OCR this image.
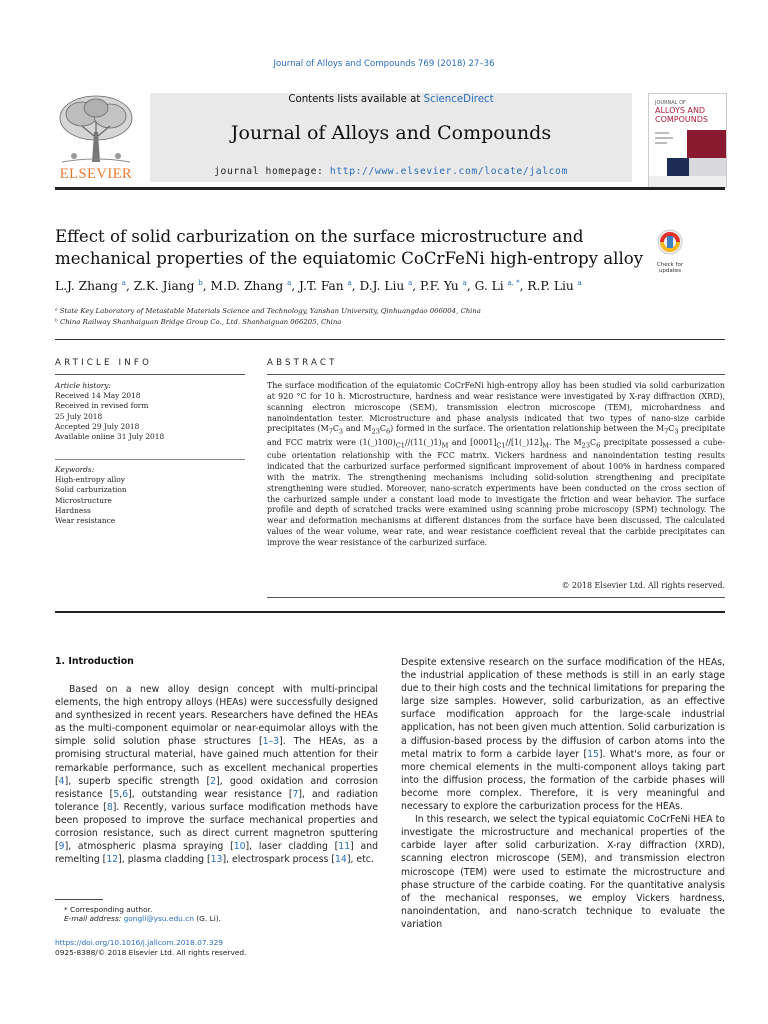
Journal of Alloys and Compounds 769 (2018) 27–36
ELSEVIER
Contents lists available at ScienceDirect
Journal of Alloys and Compounds
journal homepage: http://www.elsevier.com/locate/jalcom
JOURNAL OF
ALLOYS AND
COMPOUNDS
Effect of solid carburization on the surface microstructure and mechanical properties of the equiatomic CoCrFeNi high-entropy alloy	Check for
updates
L.J. Zhang $^a$, Z.K. Jiang $^b$, M.D. Zhang $^a$, J.T. Fan $^a$, D.J. Liu $^a$, P.F. Yu $^a$, G. Li $^{a, *}$, R.P. Liu $^a$
ᵃ State Key Laboratory of Metastable Materials Science and Technology, Yanshan University, Qinhuangdao 066004, China
ᵇ China Railway Shanhaiguan Bridge Group Co., Ltd. Shanhaiguan 066205, China
ARTICLE INFO
Article history:
Received 14 May 2018
Received in revised form
25 July 2018
Accepted 29 July 2018
Available online 31 July 2018
Keywords:
High-entropy alloy
Solid carburization
Microstructure
Hardness
Wear resistance
ABSTRACT
The surface modification of the equiatomic CoCrFeNi high-entropy alloy has been studied via solid carburization at 920 °C for 10 h. Microstructure, hardness and wear resistance were investigated by X-ray diffraction (XRD), scanning electron microscope (SEM), transmission electron microscope (TEM), microhardness and nanoindentation tester. Microstructure and phase analysis indicated that two types of nano-size carbide precipitates ($M_7C_3$ and $M_{23}C_6$) formed in the surface. The orientation relationship between the $M_7C_3$ precipitate and FCC matrix were $(1(\_)100)_{C1}//(11(\_)1)_M$ and $[0001]_{C1}//[1(\_)12]_M$. The $M_{23}C_6$ precipitate possessed a cube-cube orientation relationship with the FCC matrix. Vickers hardness and nanoindentation testing results indicated that the carburized surface performed significant improvement of about 100% in hardness compared with the matrix. The strengthening mechanisms including solid-solution strengthening and precipitate strengthening were studied. Moreover, nano-scratch experiments have been conducted on the cross section of the carburized sample under a constant load mode to investigate the friction and wear behavior. The surface profile and depth of scratched tracks were examined using scanning probe microscopy (SPM) technology. The wear and deformation mechanisms at different distances from the surface have been discussed. The calculated values of the wear volume, wear rate, and wear resistance coefficient reveal that the carbide precipitates can improve the wear resistance of the carburized surface.
© 2018 Elsevier Ltd. All rights reserved.
1. Introduction
Based on a new alloy design concept with multi-principal elements, the high entropy alloys (HEAs) were successfully designed and synthesized in recent years. Researchers have defined the HEAs as the multi-component equimolar or near-equimolar alloys with the simple solid solution phase structures [1–3]. The HEAs, as a promising structural material, have gained much attention for their remarkable performance, such as excellent mechanical properties [4], superb specific strength [2], good oxidation and corrosion resistance [5,6], outstanding wear resistance [7], and radiation tolerance [8]. Recently, various surface modification methods have been proposed to improve the surface mechanical properties and corrosion resistance, such as direct current magnetron sputtering [9], atmospheric plasma spraying [10], laser cladding [11] and remelting [12], plasma cladding [13], electrospark process [14], etc.

Despite extensive research on the surface modification of the HEAs, the industrial application of these methods is still in an early stage due to their high costs and the technical limitations for preparing the large size samples. However, solid carburization, as an effective surface modification approach for the large-scale industrial application, has not been given much attention. Solid carburization is a diffusion-based process by the diffusion of carbon atoms into the metal matrix to form a carbide layer [15]. What's more, as four or more chemical elements in the multi-component alloys taking part into the diffusion process, the formation of the carbide phases will become more complex. Therefore, it is very meaningful and necessary to explore the carburization process for the HEAs.

In this research, we select the typical equiatomic CoCrFeNi HEA to investigate the microstructure and mechanical properties of the carbide layer after solid carburization. X-ray diffraction (XRD), scanning electron microscope (SEM), and transmission electron microscope (TEM) were used to estimate the microstructure and phase structure of the carbide coating. For the quantitative analysis of the mechanical responses, we employ Vickers hardness, nanoindentation, and nano-scratch technique to evaluate the variation

* Corresponding author.
E-mail address: gongli@ysu.edu.cn (G. Li).
https://doi.org/10.1016/j.jallcom.2018.07.329
0925-8388/© 2018 Elsevier Ltd. All rights reserved.
